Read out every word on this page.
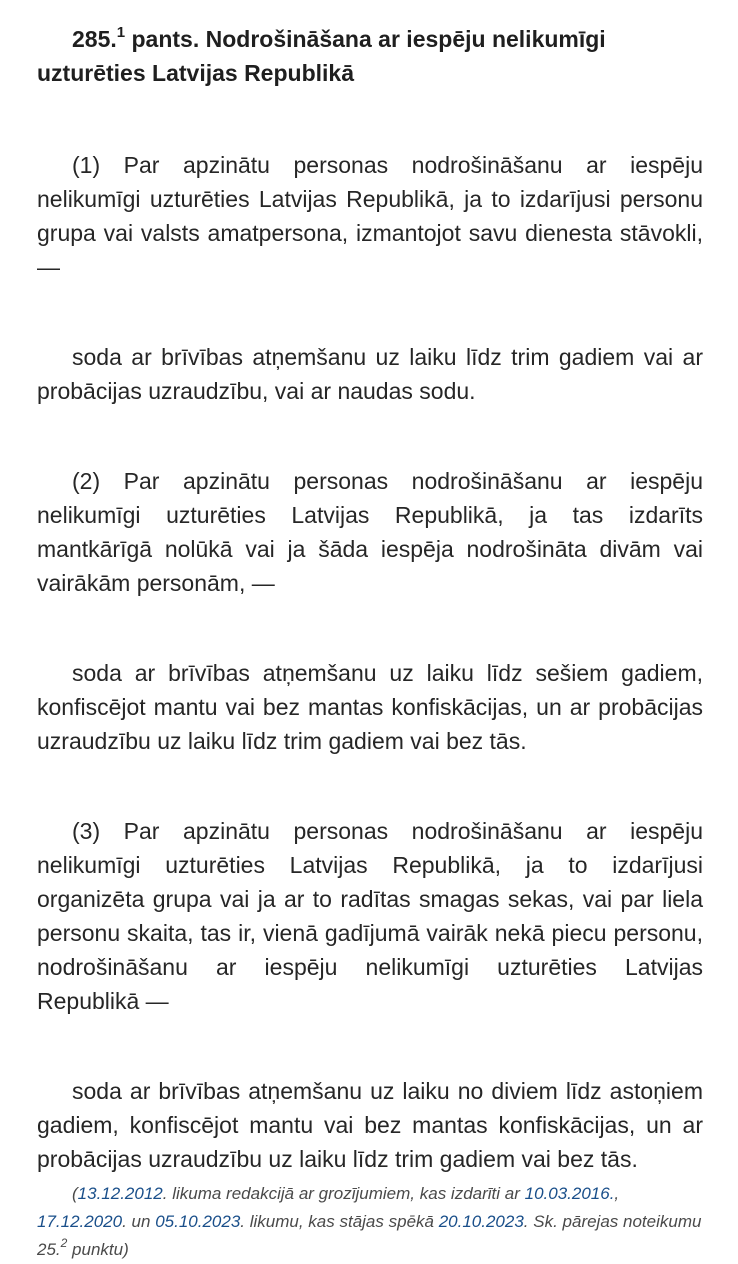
285.$^1$ pants. Nodrošināšana ar iespēju nelikumīgi uzturēties Latvijas Republikā

(1) Par apzinātu personas nodrošināšanu ar iespēju nelikumīgi uzturēties Latvijas Republikā, ja to izdarījusi personu grupa vai valsts amatpersona, izmantojot savu dienesta stāvokli, —

soda ar brīvības atņemšanu uz laiku līdz trim gadiem vai ar probācijas uzraudzību, vai ar naudas sodu.

(2) Par apzinātu personas nodrošināšanu ar iespēju nelikumīgi uzturēties Latvijas Republikā, ja tas izdarīts mantkārīgā nolūkā vai ja šāda iespēja nodrošināta divām vai vairākām personām, —

soda ar brīvības atņemšanu uz laiku līdz sešiem gadiem, konfiscējot mantu vai bez mantas konfiskācijas, un ar probācijas uzraudzību uz laiku līdz trim gadiem vai bez tās.

(3) Par apzinātu personas nodrošināšanu ar iespēju nelikumīgi uzturēties Latvijas Republikā, ja to izdarījusi organizēta grupa vai ja ar to radītas smagas sekas, vai par liela personu skaita, tas ir, vienā gadījumā vairāk nekā piecu personu, nodrošināšanu ar iespēju nelikumīgi uzturēties Latvijas Republikā —

soda ar brīvības atņemšanu uz laiku no diviem līdz astoņiem gadiem, konfiscējot mantu vai bez mantas konfiskācijas, un ar probācijas uzraudzību uz laiku līdz trim gadiem vai bez tās.

(13.12.2012. likuma redakcijā ar grozījumiem, kas izdarīti ar 10.03.2016., 17.12.2020. un 05.10.2023. likumu, kas stājas spēkā 20.10.2023. Sk. pārejas noteikumu 25.$^2$ punktu)
